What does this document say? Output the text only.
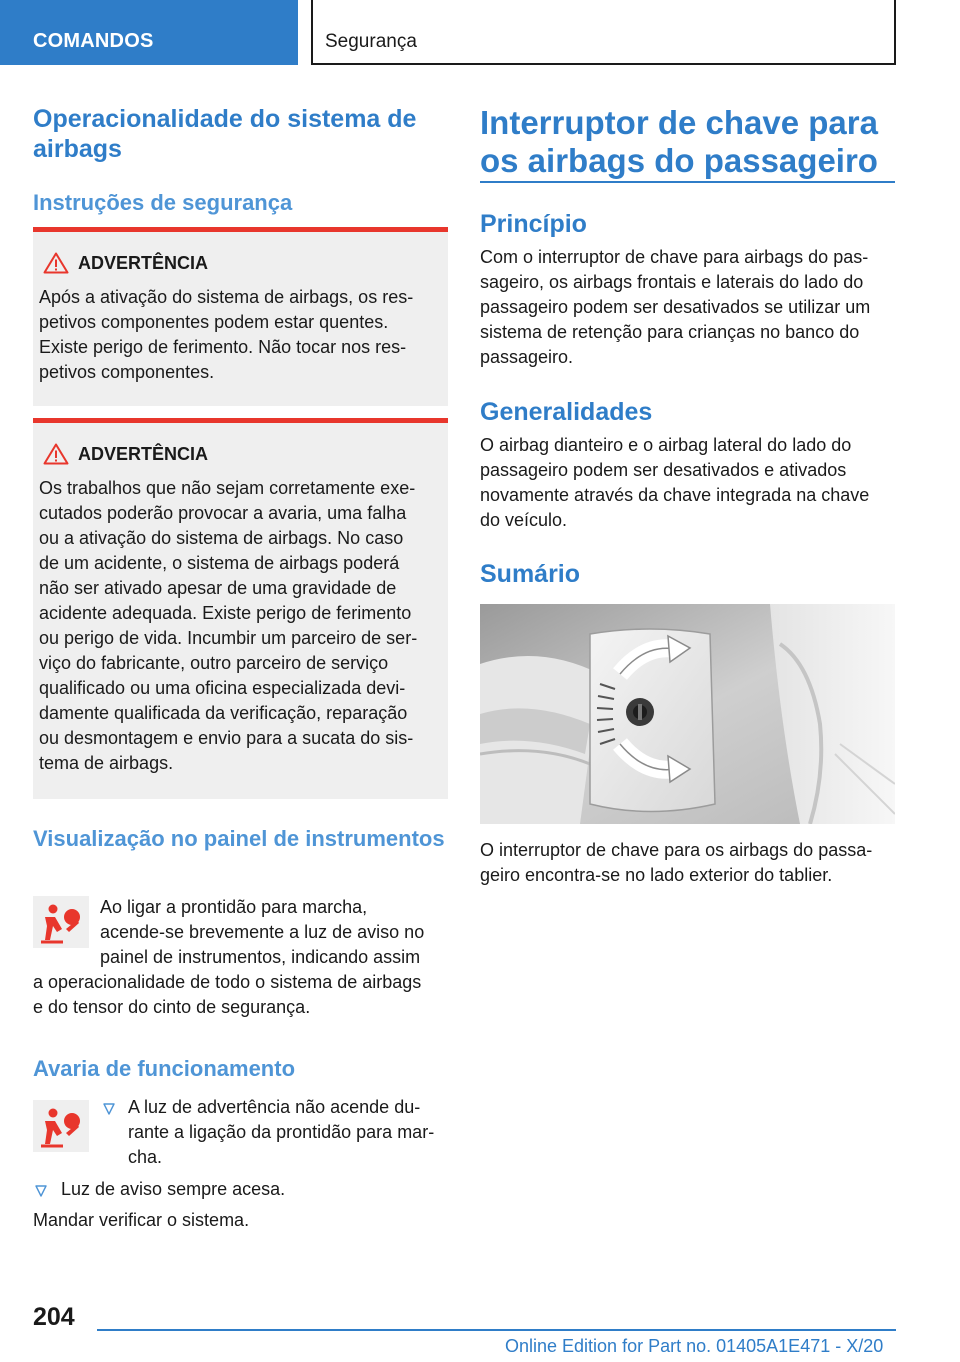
COMANDOS	Segurança
Operacionalidade do sistema de airbags
Instruções de segurança
ADVERTÊNCIA
Após a ativação do sistema de airbags, os res-
petivos componentes podem estar quentes.
Existe perigo de ferimento. Não tocar nos res-
petivos componentes.
ADVERTÊNCIA
Os trabalhos que não sejam corretamente exe-
cutados poderão provocar a avaria, uma falha
ou a ativação do sistema de airbags. No caso
de um acidente, o sistema de airbags poderá
não ser ativado apesar de uma gravidade de
acidente adequada. Existe perigo de ferimento
ou perigo de vida. Incumbir um parceiro de ser-
viço do fabricante, outro parceiro de serviço
qualificado ou uma oficina especializada devi-
damente qualificada da verificação, reparação
ou desmontagem e envio para a sucata do sis-
tema de airbags.
Visualização no painel de instrumentos
Ao ligar a prontidão para marcha,
acende-se brevemente a luz de aviso no
painel de instrumentos, indicando assim
a operacionalidade de todo o sistema de airbags
e do tensor do cinto de segurança.
Avaria de funcionamento
A luz de advertência não acende du-
rante a ligação da prontidão para mar-
cha.
Luz de aviso sempre acesa.
Mandar verificar o sistema.
Interruptor de chave para
os airbags do passageiro
Princípio
Com o interruptor de chave para airbags do pas-
sageiro, os airbags frontais e laterais do lado do
passageiro podem ser desativados se utilizar um
sistema de retenção para crianças no banco do
passageiro.
Generalidades
O airbag dianteiro e o airbag lateral do lado do
passageiro podem ser desativados e ativados
novamente através da chave integrada na chave
do veículo.
Sumário
O interruptor de chave para os airbags do passa-
geiro encontra-se no lado exterior do tablier.
204
Online Edition for Part no. 01405A1E471 - X/20
